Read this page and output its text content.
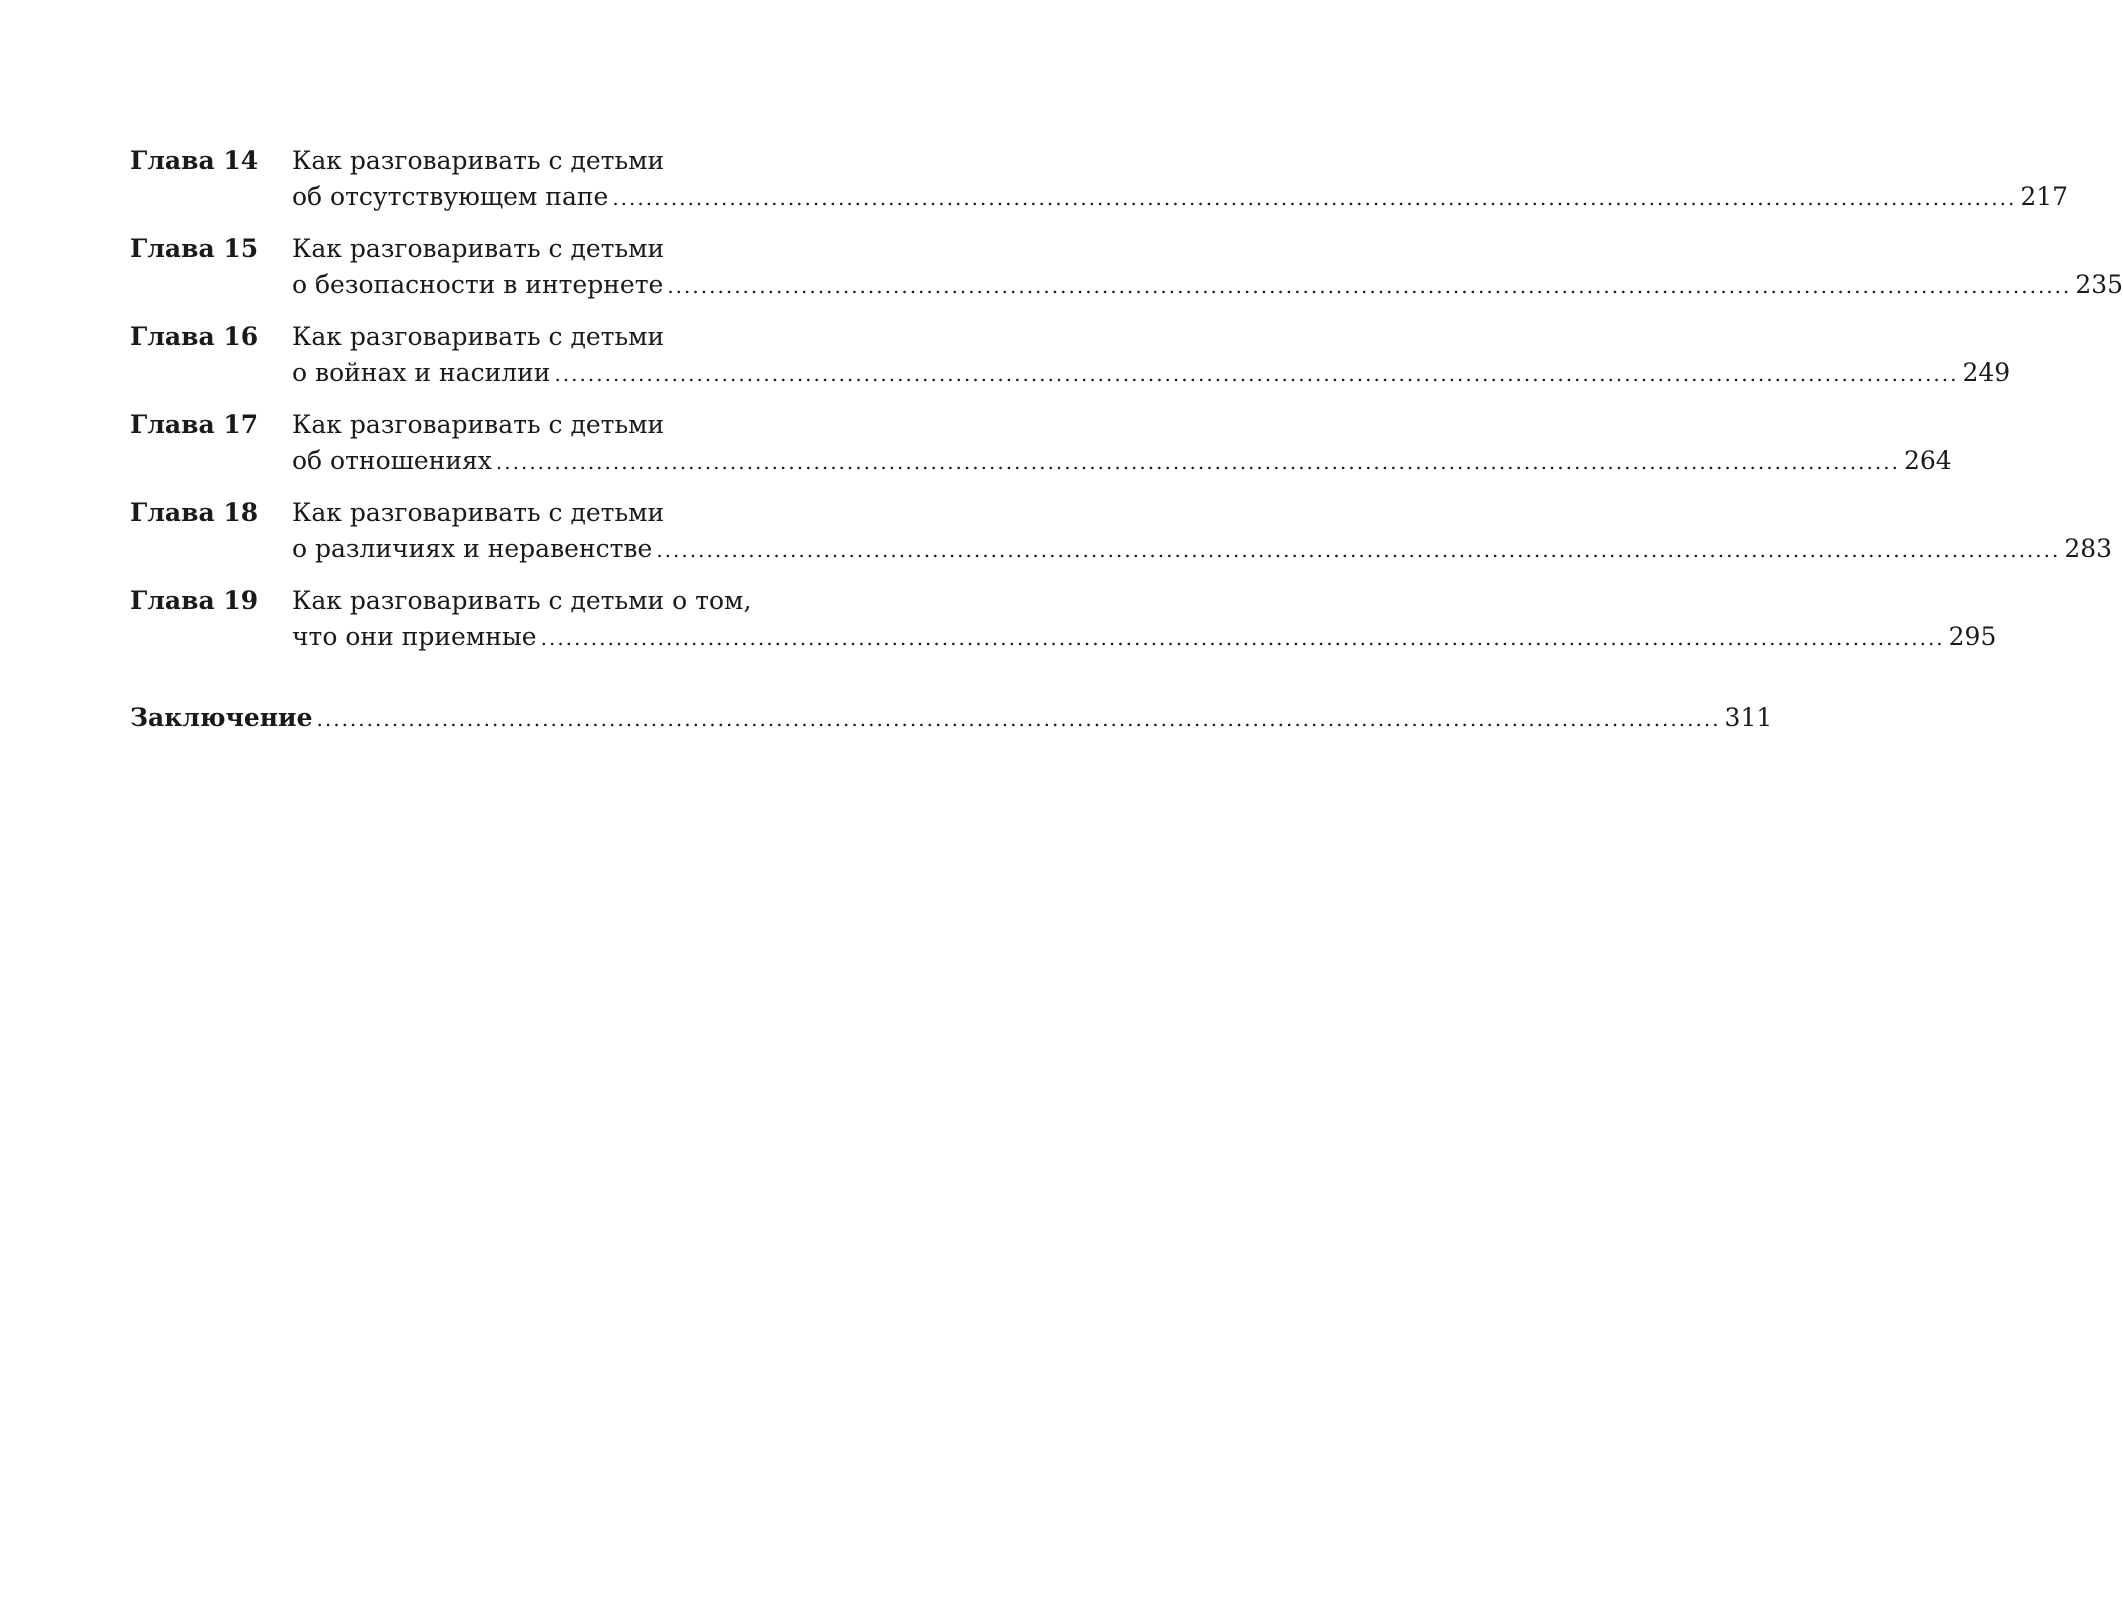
Глава 14	Как разговаривать с детьми
об отсутствующем папе .....	217
Глава 15	Как разговаривать с детьми
о безопасности в интернете .....	235
Глава 16	Как разговаривать с детьми
о войнах и насилии .....	249
Глава 17	Как разговаривать с детьми
об отношениях .....	264
Глава 18	Как разговаривать с детьми
о различиях и неравенстве .....	283
Глава 19	Как разговаривать с детьми о том,
что они приемные .....	295
Заключение .....	311
